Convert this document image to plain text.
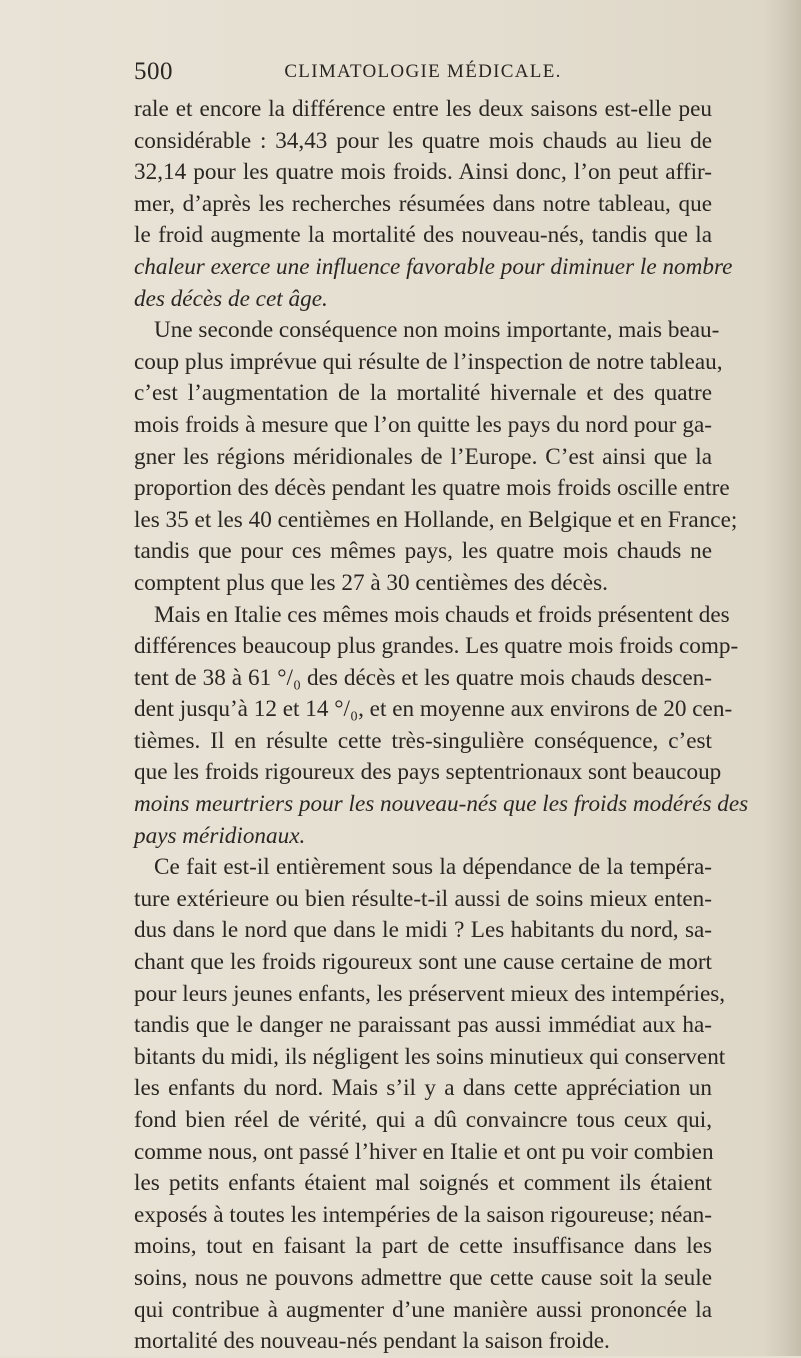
500	CLIMATOLOGIE MÉDICALE.
rale et encore la différence entre les deux saisons est-elle peu
considérable : 34,43 pour les quatre mois chauds au lieu de
32,14 pour les quatre mois froids. Ainsi donc, l’on peut affir-
mer, d’après les recherches résumées dans notre tableau, que
le froid augmente la mortalité des nouveau-nés, tandis que la
chaleur exerce une influence favorable pour diminuer le nombre
des décès de cet âge.
Une seconde conséquence non moins importante, mais beau-
coup plus imprévue qui résulte de l’inspection de notre tableau,
c’est l’augmentation de la mortalité hivernale et des quatre
mois froids à mesure que l’on quitte les pays du nord pour ga-
gner les régions méridionales de l’Europe. C’est ainsi que la
proportion des décès pendant les quatre mois froids oscille entre
les 35 et les 40 centièmes en Hollande, en Belgique et en France;
tandis que pour ces mêmes pays, les quatre mois chauds ne
comptent plus que les 27 à 30 centièmes des décès.
Mais en Italie ces mêmes mois chauds et froids présentent des
différences beaucoup plus grandes. Les quatre mois froids comp-
tent de 38 à 61 °/₀ des décès et les quatre mois chauds descen-
dent jusqu’à 12 et 14 °/₀, et en moyenne aux environs de 20 cen-
tièmes. Il en résulte cette très-singulière conséquence, c’est
que les froids rigoureux des pays septentrionaux sont beaucoup
moins meurtriers pour les nouveau-nés que les froids modérés des
pays méridionaux.
Ce fait est-il entièrement sous la dépendance de la tempéra-
ture extérieure ou bien résulte-t-il aussi de soins mieux enten-
dus dans le nord que dans le midi ? Les habitants du nord, sa-
chant que les froids rigoureux sont une cause certaine de mort
pour leurs jeunes enfants, les préservent mieux des intempéries,
tandis que le danger ne paraissant pas aussi immédiat aux ha-
bitants du midi, ils négligent les soins minutieux qui conservent
les enfants du nord. Mais s’il y a dans cette appréciation un
fond bien réel de vérité, qui a dû convaincre tous ceux qui,
comme nous, ont passé l’hiver en Italie et ont pu voir combien
les petits enfants étaient mal soignés et comment ils étaient
exposés à toutes les intempéries de la saison rigoureuse; néan-
moins, tout en faisant la part de cette insuffisance dans les
soins, nous ne pouvons admettre que cette cause soit la seule
qui contribue à augmenter d’une manière aussi prononcée la
mortalité des nouveau-nés pendant la saison froide.
